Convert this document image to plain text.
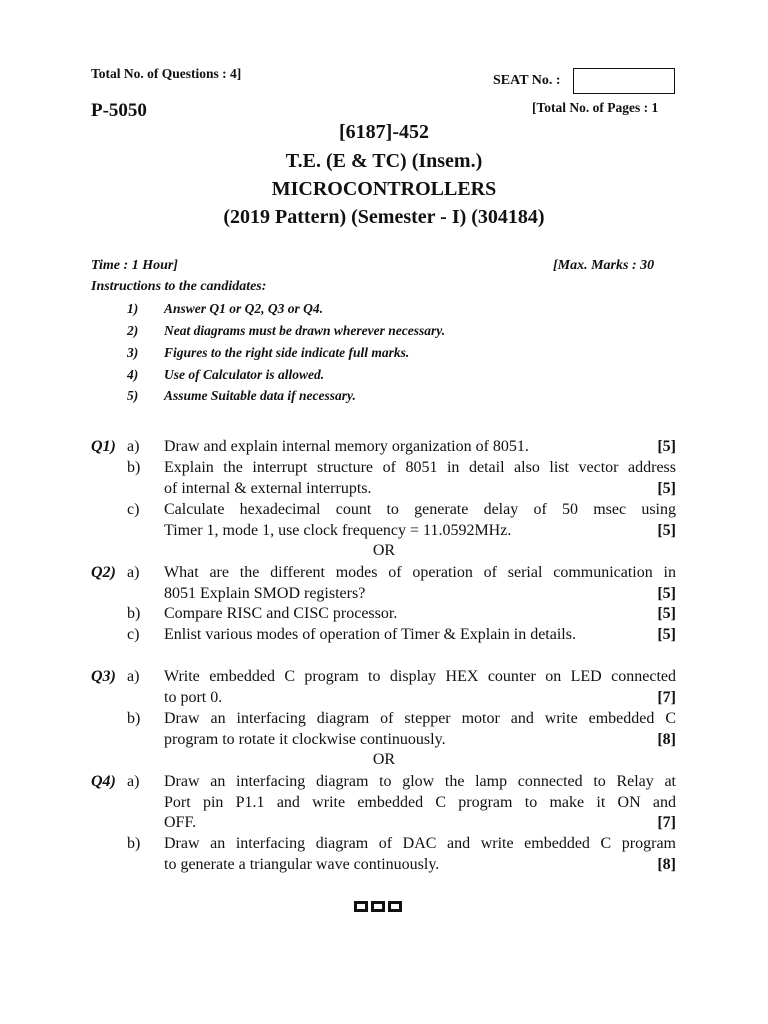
Total No. of Questions : 4]	SEAT No. :
P-5050	[Total No. of Pages : 1
[6187]-452
T.E. (E & TC) (Insem.)
MICROCONTROLLERS
(2019 Pattern) (Semester - I) (304184)
Time : 1 Hour]	[Max. Marks : 30
Instructions to the candidates:
1) Answer Q1 or Q2, Q3 or Q4.
2) Neat diagrams must be drawn wherever necessary.
3) Figures to the right side indicate full marks.
4) Use of Calculator is allowed.
5) Assume Suitable data if necessary.
Q1) a) Draw and explain internal memory organization of 8051.	[5]
b) Explain the interrupt structure of 8051 in detail also list vector address
of internal & external interrupts.	[5]
c) Calculate hexadecimal count to generate delay of 50 msec using
Timer 1, mode 1, use clock frequency = 11.0592MHz.	[5]
OR
Q2) a) What are the different modes of operation of serial communication in
8051 Explain SMOD registers?	[5]
b) Compare RISC and CISC processor.	[5]
c) Enlist various modes of operation of Timer & Explain in details.	[5]
Q3) a) Write embedded C program to display HEX counter on LED connected
to port 0.	[7]
b) Draw an interfacing diagram of stepper motor and write embedded C
program to rotate it clockwise continuously.	[8]
OR
Q4) a) Draw an interfacing diagram to glow the lamp connected to Relay at
Port pin P1.1 and write embedded C program to make it ON and
OFF.	[7]
b) Draw an interfacing diagram of DAC and write embedded C program
to generate a triangular wave continuously.	[8]
